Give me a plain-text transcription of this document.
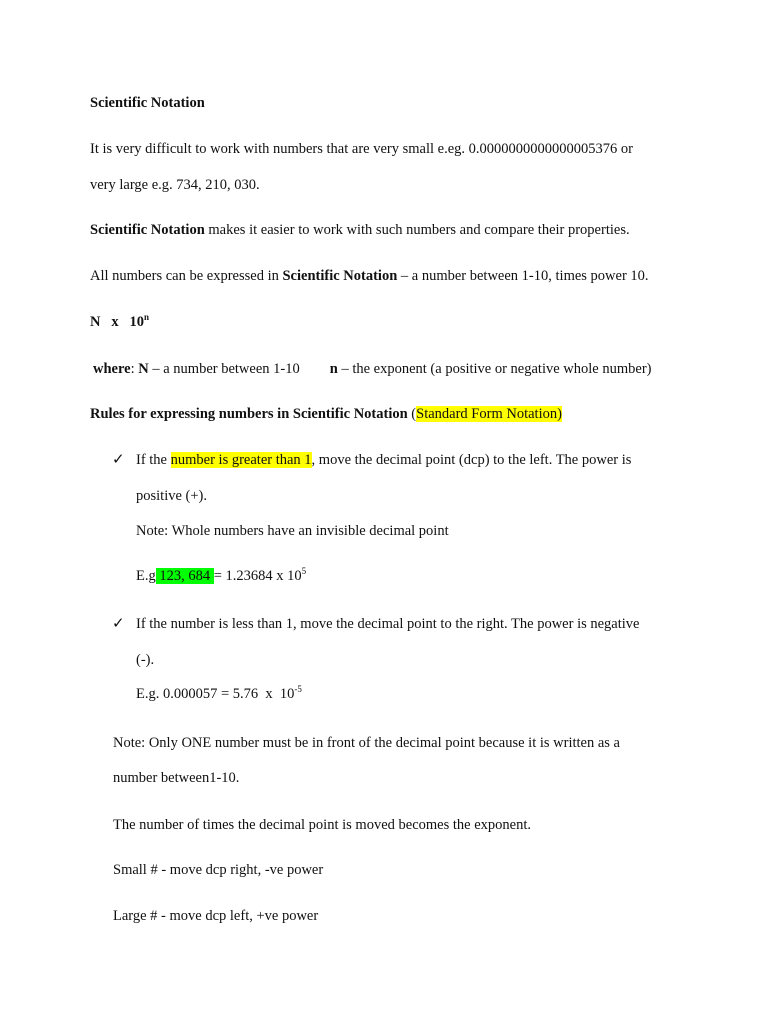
Scientific Notation
It is very difficult to work with numbers that are very small e.eg. 0.0000000000000005376 or
very large e.g. 734, 210, 030.
Scientific Notation makes it easier to work with such numbers and compare their properties.
All numbers can be expressed in Scientific Notation – a number between 1-10, times power 10.
N   x   10$^n$
where: N – a number between 1-10 n – the exponent (a positive or negative whole number)
Rules for expressing numbers in Scientific Notation (Standard Form Notation)
✓ If the number is greater than 1, move the decimal point (dcp) to the left. The power is
positive (+).
Note: Whole numbers have an invisible decimal point
E.g 123, 684 = 1.23684 x $10^5$
✓ If the number is less than 1, move the decimal point to the right. The power is negative
(-).
E.g. 0.000057 = 5.76  x  $10^{-5}$
Note: Only ONE number must be in front of the decimal point because it is written as a
number between1-10.
The number of times the decimal point is moved becomes the exponent.
Small # - move dcp right, -ve power
Large # - move dcp left, +ve power
